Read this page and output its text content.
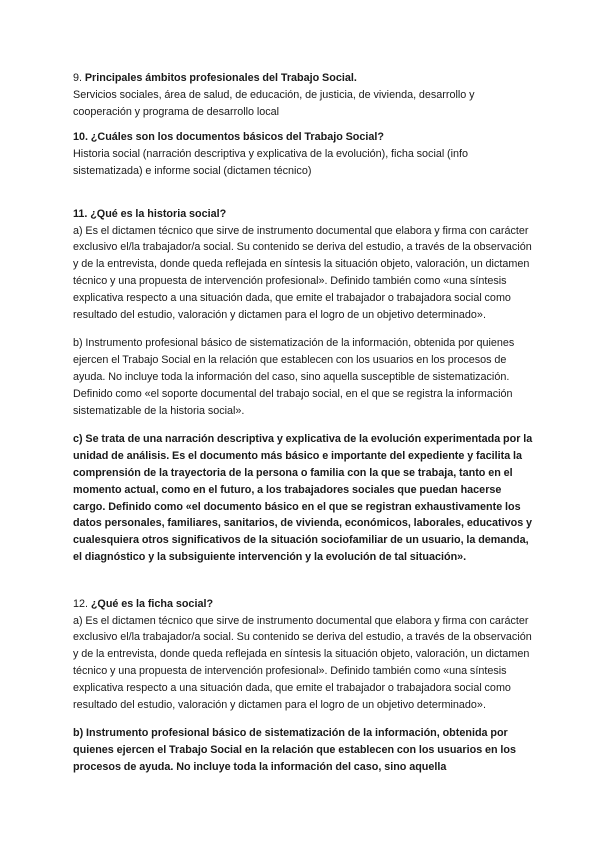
9. Principales ámbitos profesionales del Trabajo Social.

Servicios sociales, área de salud, de educación, de justicia, de vivienda, desarrollo y cooperación y programa de desarrollo local

10. ¿Cuáles son los documentos básicos del Trabajo Social?

Historia social (narración descriptiva y explicativa de la evolución), ficha social (info sistematizada) e informe social (dictamen técnico)

11. ¿Qué es la historia social?

a) Es el dictamen técnico que sirve de instrumento documental que elabora y firma con carácter exclusivo el/la trabajador/a social. Su contenido se deriva del estudio, a través de la observación y de la entrevista, donde queda reflejada en síntesis la situación objeto, valoración, un dictamen técnico y una propuesta de intervención profesional». Definido también como «una síntesis explicativa respecto a una situación dada, que emite el trabajador o trabajadora social como resultado del estudio, valoración y dictamen para el logro de un objetivo determinado».

b) Instrumento profesional básico de sistematización de la información, obtenida por quienes ejercen el Trabajo Social en la relación que establecen con los usuarios en los procesos de ayuda. No incluye toda la información del caso, sino aquella susceptible de sistematización. Definido como «el soporte documental del trabajo social, en el que se registra la información sistematizable de la historia social».

c) Se trata de una narración descriptiva y explicativa de la evolución experimentada por la unidad de análisis. Es el documento más básico e importante del expediente y facilita la comprensión de la trayectoria de la persona o familia con la que se trabaja, tanto en el momento actual, como en el futuro, a los trabajadores sociales que puedan hacerse cargo. Definido como «el documento básico en el que se registran exhaustivamente los datos personales, familiares, sanitarios, de vivienda, económicos, laborales, educativos y cualesquiera otros significativos de la situación sociofamiliar de un usuario, la demanda, el diagnóstico y la subsiguiente intervención y la evolución de tal situación».

12. ¿Qué es la ficha social?

a) Es el dictamen técnico que sirve de instrumento documental que elabora y firma con carácter exclusivo el/la trabajador/a social. Su contenido se deriva del estudio, a través de la observación y de la entrevista, donde queda reflejada en síntesis la situación objeto, valoración, un dictamen técnico y una propuesta de intervención profesional». Definido también como «una síntesis explicativa respecto a una situación dada, que emite el trabajador o trabajadora social como resultado del estudio, valoración y dictamen para el logro de un objetivo determinado».

b) Instrumento profesional básico de sistematización de la información, obtenida por quienes ejercen el Trabajo Social en la relación que establecen con los usuarios en los procesos de ayuda. No incluye toda la información del caso, sino aquella
